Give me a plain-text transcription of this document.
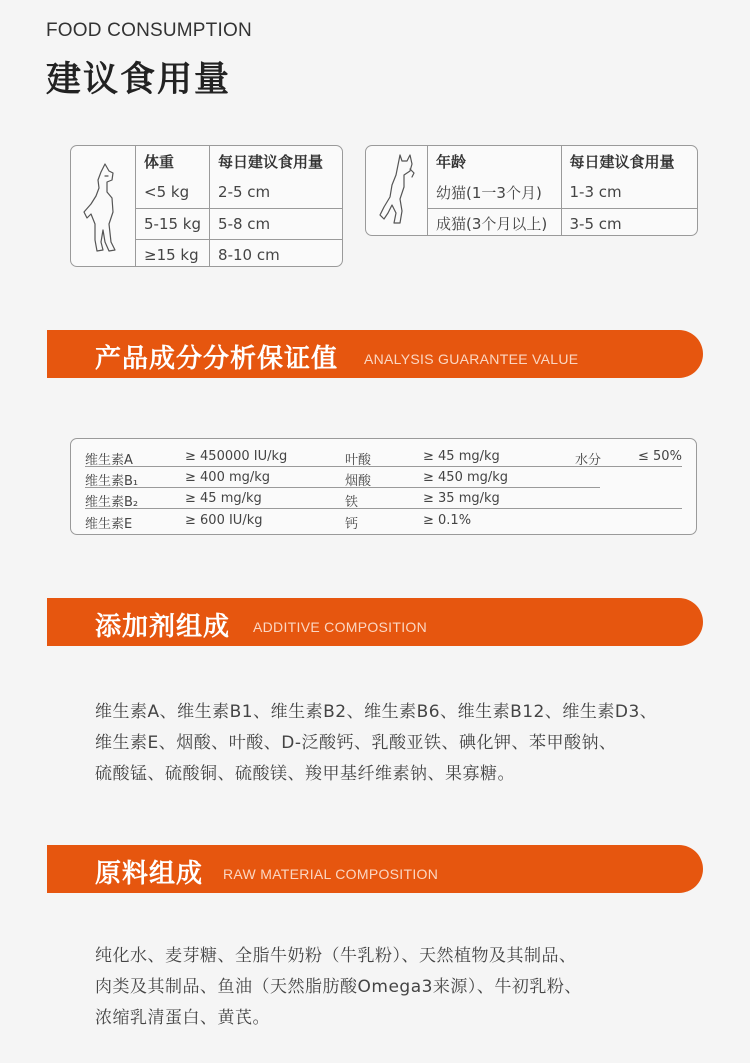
FOOD CONSUMPTION
建议食用量
体重	每日建议食用量
<5 kg	2-5 cm
5-15 kg	5-8 cm
≥15 kg	8-10 cm
年龄	每日建议食用量
幼猫(1一3个月)	1-3 cm
成猫(3个月以上)	3-5 cm
产品成分分析保证值 ANALYSIS GUARANTEE VALUE
维生素A	≥ 450000 IU/kg	叶酸	≥ 45 mg/kg	水分	≤ 50%
维生素B₁	≥ 400 mg/kg	烟酸	≥ 450 mg/kg
维生素B₂	≥ 45 mg/kg	铁	≥ 35 mg/kg
维生素E	≥ 600 IU/kg	钙	≥ 0.1%
添加剂组成 ADDITIVE COMPOSITION
维生素A、维生素B1、维生素B2、维生素B6、维生素B12、维生素D3、
维生素E、烟酸、叶酸、D-泛酸钙、乳酸亚铁、碘化钾、苯甲酸钠、
硫酸锰、硫酸铜、硫酸镁、羧甲基纤维素钠、果寡糖。
原料组成 RAW MATERIAL COMPOSITION
纯化水、麦芽糖、全脂牛奶粉（牛乳粉）、天然植物及其制品、
肉类及其制品、鱼油（天然脂肪酸Omega3来源）、牛初乳粉、
浓缩乳清蛋白、黄芪。
